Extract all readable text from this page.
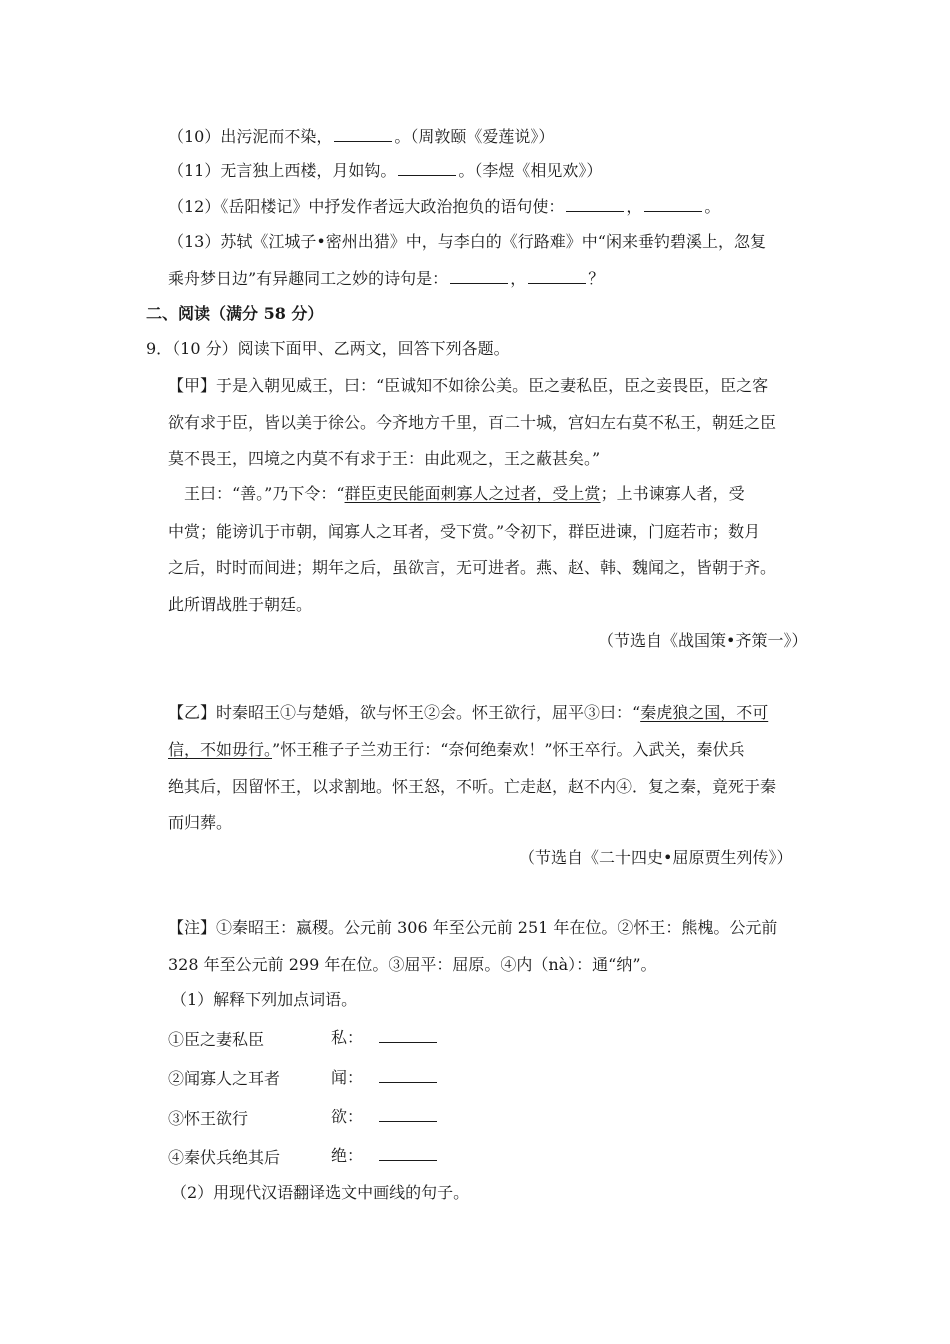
（10）出污泥而不染，	。（周敦颐《爱莲说》）
（11）无言独上西楼，月如钩。	。（李煜《相见欢》）
（12）《岳阳楼记》中抒发作者远大政治抱负的语句使：	，	。
（13）苏轼《江城子•密州出猎》中，与李白的《行路难》中“闲来垂钓碧溪上，忽复
乘舟梦日边”有异趣同工之妙的诗句是：	，	？
二、阅读（满分 58 分）
9．（10 分）阅读下面甲、乙两文，回答下列各题。
【甲】于是入朝见威王，曰：“臣诚知不如徐公美。臣之妻私臣，臣之妾畏臣，臣之客
欲有求于臣，皆以美于徐公。今齐地方千里，百二十城，宫妇左右莫不私王，朝廷之臣
莫不畏王，四境之内莫不有求于王：由此观之，王之蔽甚矣。”
王曰：“善。”乃下令：“群臣吏民能面刺寡人之过者，受上赏；上书谏寡人者，受
中赏；能谤讥于市朝，闻寡人之耳者，受下赏。”令初下，群臣进谏，门庭若市；数月
之后，时时而间进；期年之后，虽欲言，无可进者。燕、赵、韩、魏闻之，皆朝于齐。
此所谓战胜于朝廷。
（节选自《战国策•齐策一》）
【乙】时秦昭王①与楚婚，欲与怀王②会。怀王欲行，屈平③曰：“秦虎狼之国，不可
信，不如毋行。”怀王稚子子兰劝王行：“奈何绝秦欢！”怀王卒行。入武关，秦伏兵
绝其后，因留怀王，以求割地。怀王怒，不听。亡走赵，赵不内④．复之秦，竟死于秦
而归葬。
（节选自《二十四史•屈原贾生列传》）
【注】①秦昭王：嬴稷。公元前 306 年至公元前 251 年在位。②怀王：熊槐。公元前
328 年至公元前 299 年在位。③屈平：屈原。④内（nà）：通“纳”。
（1）解释下列加点词语。
①臣之妻私臣	私：
②闻寡人之耳者	闻：
③怀王欲行	欲：
④秦伏兵绝其后	绝：
（2）用现代汉语翻译选文中画线的句子。
